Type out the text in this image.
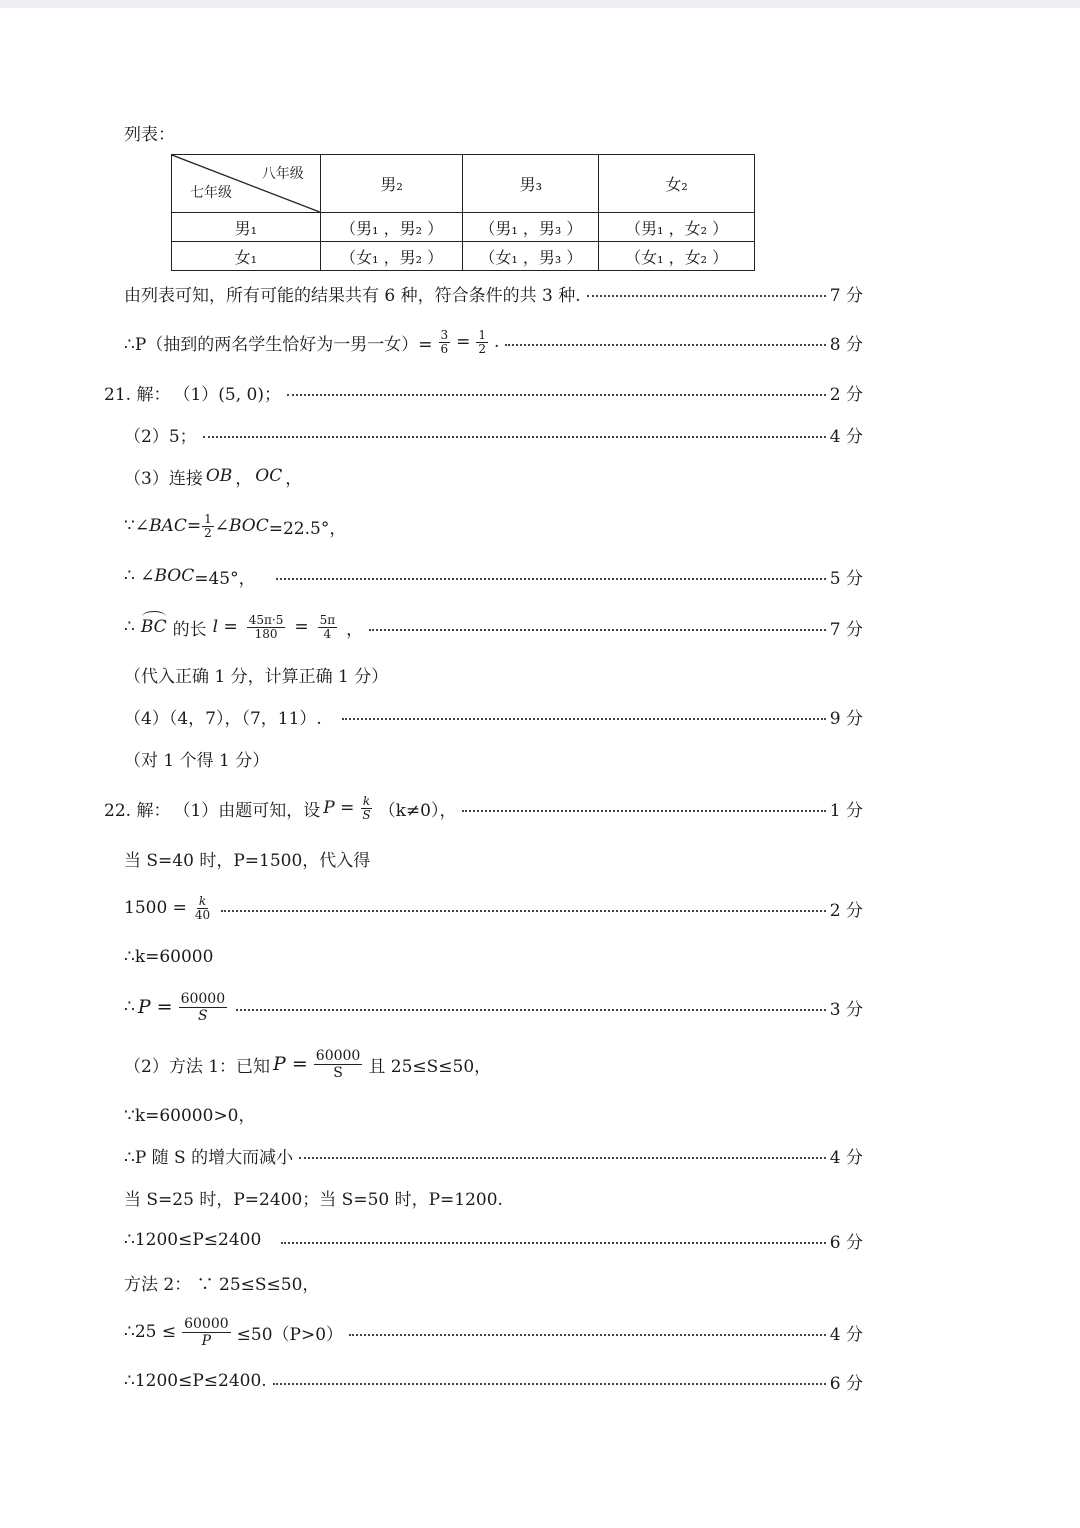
列表：
八年级
七年级	男₂	男₃	女₂
男₁	（男₁ ，男₂ ）	（男₁ ，男₃ ）	（男₁ ，女₂ ）
女₁	（女₁ ，男₂ ）	（女₁ ，男₃ ）	（女₁ ，女₂ ）
由列表可知，所有可能的结果共有 6 种，符合条件的共 3 种.	7 分
∴P（抽到的两名学生恰好为一男一女）= $\frac{3}{6} = \frac{1}{2}$ .	8 分
21. 解： （1）(5, 0)；	2 分
（2）5；	4 分
（3）连接 OB ， OC ，
∵∠ BAC = $\frac{1}{2}$ ∠ BOC =22.5°，
∴ ∠ BOC =45°，	5 分
∴ BC 的长 $l = \frac{45\pi\cdot 5}{180} = \frac{5\pi}{4}$ ，	7 分
（代入正确 1 分，计算正确 1 分）
（4）（4，7），（7，11）.	9 分
（对 1 个得 1 分）
22. 解： （1）由题可知，设 $P = \frac{k}{S} (k\ne 0)$，	1 分
当 S=40 时，P=1500，代入得
$1500 = \frac{k}{40}$	2 分
∴k=60000
∴ $P = \frac{60000}{S}$	3 分
（2）方法 1：已知 $P = \frac{60000}{S}$ 且 25≤S≤50，
∵k=60000>0，
∴P 随 S 的增大而减小	4 分
当 S=25 时，P=2400；当 S=50 时，P=1200.
∴1200≤P≤2400	6 分
方法 2： ∵ 25≤S≤50，
∴25 ≤ $\frac{60000}{P} \le 50(P>0)$	4 分
∴1200≤P≤2400.	6 分
